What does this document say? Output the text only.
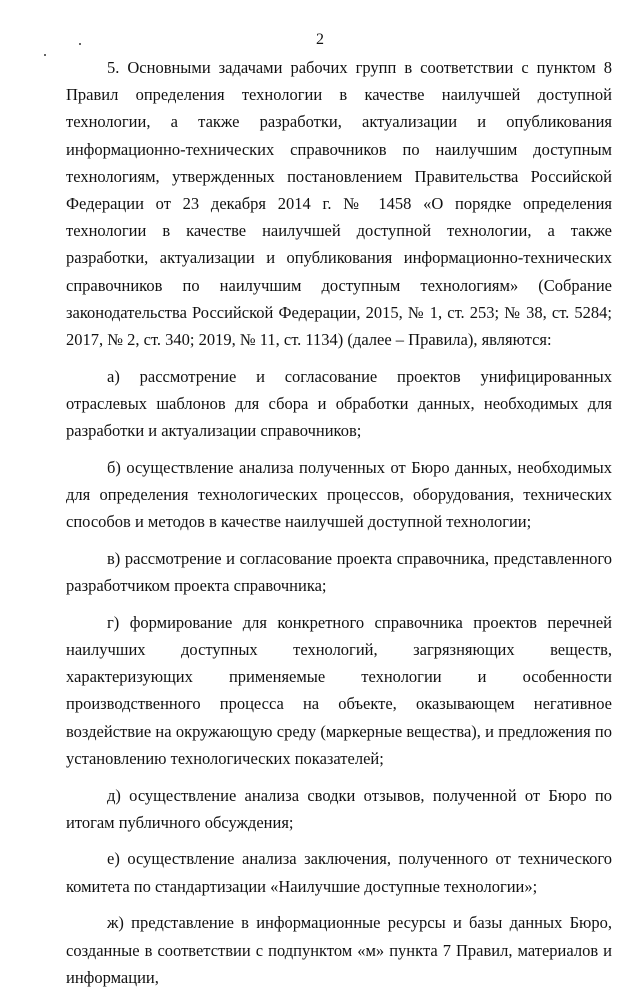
2

5. Основными задачами рабочих групп в соответствии с пунктом 8 Правил определения технологии в качестве наилучшей доступной технологии, а также разработки, актуализации и опубликования информационно-технических справочников по наилучшим доступным технологиям, утвержденных постановлением Правительства Российской Федерации от 23 декабря 2014 г. № 1458 «О порядке определения технологии в качестве наилучшей доступной технологии, а также разработки, актуализации и опубликования информационно-технических справочников по наилучшим доступным технологиям» (Собрание законодательства Российской Федерации, 2015, № 1, ст. 253; № 38, ст. 5284; 2017, № 2, ст. 340; 2019, № 11, ст. 1134) (далее – Правила), являются:

а) рассмотрение и согласование проектов унифицированных отраслевых шаблонов для сбора и обработки данных, необходимых для разработки и актуализации справочников;

б) осуществление анализа полученных от Бюро данных, необходимых для определения технологических процессов, оборудования, технических способов и методов в качестве наилучшей доступной технологии;

в) рассмотрение и согласование проекта справочника, представленного разработчиком проекта справочника;

г) формирование для конкретного справочника проектов перечней наилучших доступных технологий, загрязняющих веществ, характеризующих применяемые технологии и особенности производственного процесса на объекте, оказывающем негативное воздействие на окружающую среду (маркерные вещества), и предложения по установлению технологических показателей;

д) осуществление анализа сводки отзывов, полученной от Бюро по итогам публичного обсуждения;

е) осуществление анализа заключения, полученного от технического комитета по стандартизации «Наилучшие доступные технологии»;

ж) представление в информационные ресурсы и базы данных Бюро, созданные в соответствии с подпунктом «м» пункта 7 Правил, материалов и информации,
